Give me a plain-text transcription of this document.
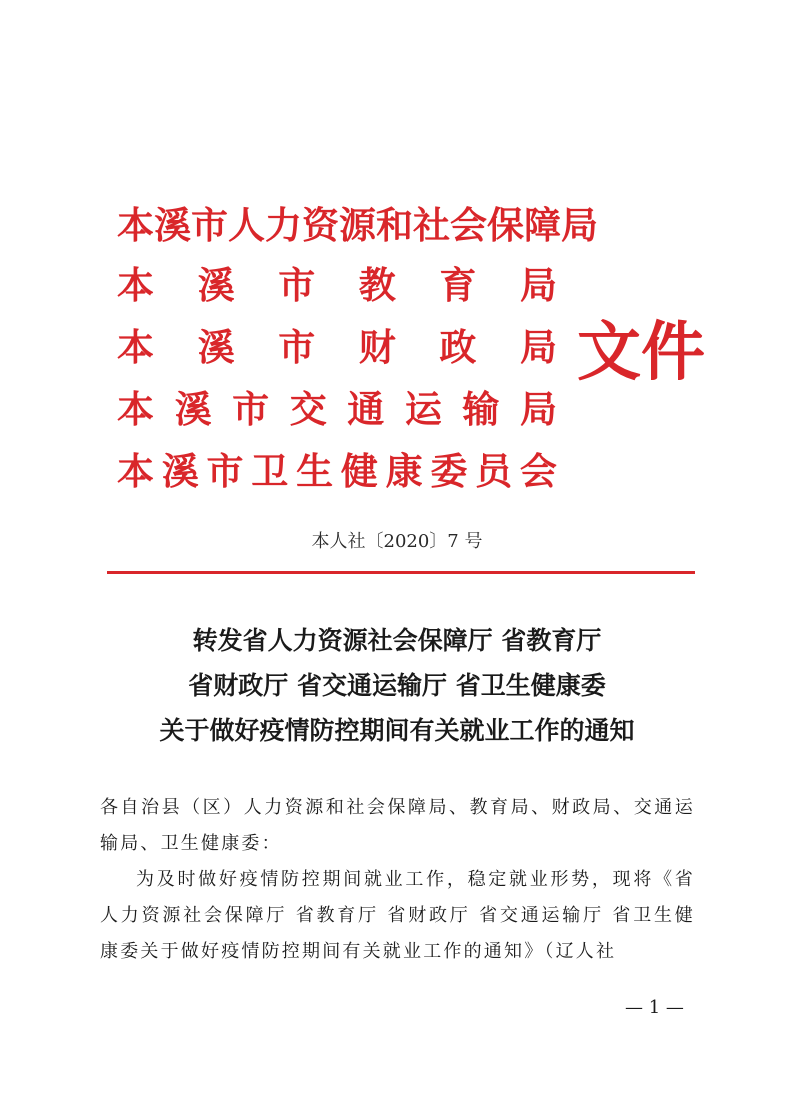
本溪市人力资源和社会保障局
本 溪 市 教 育 局
本 溪 市 财 政 局
本 溪 市 交 通 运 输 局
本 溪 市 卫 生 健 康 委 员 会
文件
本人社〔2020〕7 号
转发省人力资源社会保障厅 省教育厅
省财政厅 省交通运输厅 省卫生健康委
关于做好疫情防控期间有关就业工作的通知

各自治县（区）人力资源和社会保障局、教育局、财政局、交通运输局、卫生健康委：

为及时做好疫情防控期间就业工作，稳定就业形势，现将《省人力资源社会保障厅 省教育厅 省财政厅 省交通运输厅 省卫生健康委关于做好疫情防控期间有关就业工作的通知》（辽人社

— 1 —
